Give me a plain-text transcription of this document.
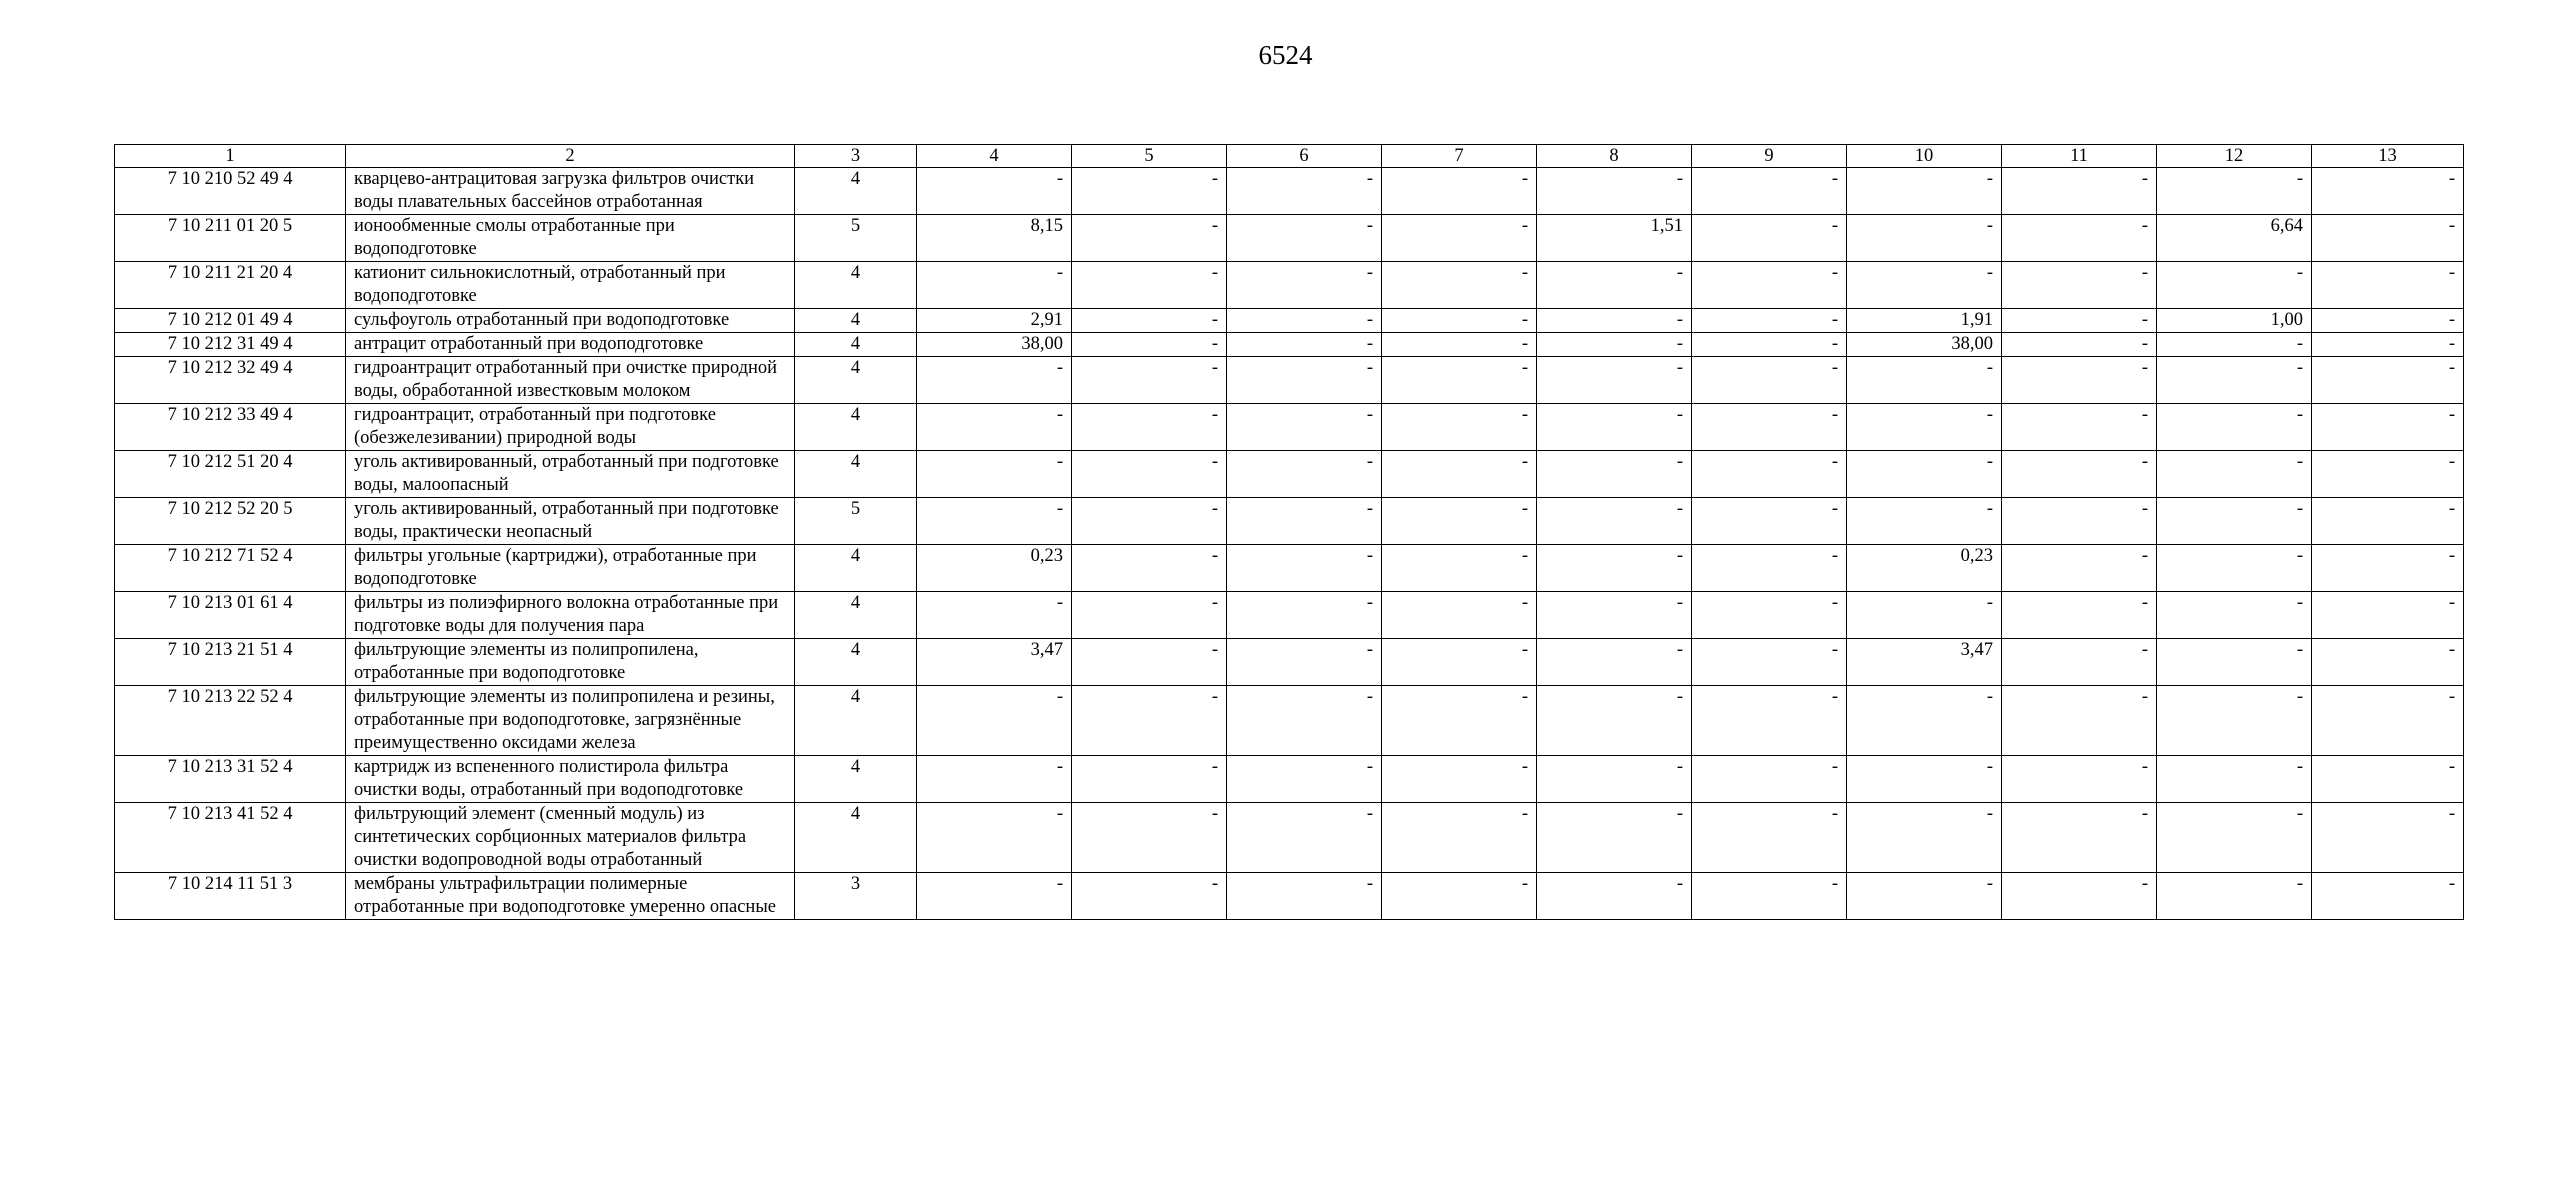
6524
1	2	3	4	5	6	7	8	9	10	11	12	13
7 10 210 52 49 4	кварцево-антрацитовая загрузка фильтров очистки воды плавательных бассейнов отработанная	4	-	-	-	-	-	-	-	-	-	-
7 10 211 01 20 5	ионообменные смолы отработанные при водоподготовке	5	8,15	-	-	-	1,51	-	-	-	6,64	-
7 10 211 21 20 4	катионит сильнокислотный, отработанный при водоподготовке	4	-	-	-	-	-	-	-	-	-	-
7 10 212 01 49 4	сульфоуголь отработанный при водоподготовке	4	2,91	-	-	-	-	-	1,91	-	1,00	-
7 10 212 31 49 4	антрацит отработанный при водоподготовке	4	38,00	-	-	-	-	-	38,00	-	-	-
7 10 212 32 49 4	гидроантрацит отработанный при очистке природной воды, обработанной известковым молоком	4	-	-	-	-	-	-	-	-	-	-
7 10 212 33 49 4	гидроантрацит, отработанный при подготовке (обезжелезивании) природной воды	4	-	-	-	-	-	-	-	-	-	-
7 10 212 51 20 4	уголь активированный, отработанный при подготовке воды, малоопасный	4	-	-	-	-	-	-	-	-	-	-
7 10 212 52 20 5	уголь активированный, отработанный при подготовке воды, практически неопасный	5	-	-	-	-	-	-	-	-	-	-
7 10 212 71 52 4	фильтры угольные (картриджи), отработанные при водоподготовке	4	0,23	-	-	-	-	-	0,23	-	-	-
7 10 213 01 61 4	фильтры из полиэфирного волокна отработанные при подготовке воды для получения пара	4	-	-	-	-	-	-	-	-	-	-
7 10 213 21 51 4	фильтрующие элементы из полипропилена, отработанные при водоподготовке	4	3,47	-	-	-	-	-	3,47	-	-	-
7 10 213 22 52 4	фильтрующие элементы из полипропилена и резины, отработанные при водоподготовке, загрязнённые преимущественно оксидами железа	4	-	-	-	-	-	-	-	-	-	-
7 10 213 31 52 4	картридж из вспененного полистирола фильтра очистки воды, отработанный при водоподготовке	4	-	-	-	-	-	-	-	-	-	-
7 10 213 41 52 4	фильтрующий элемент (сменный модуль) из синтетических сорбционных материалов фильтра очистки водопроводной воды отработанный	4	-	-	-	-	-	-	-	-	-	-
7 10 214 11 51 3	мембраны ультрафильтрации полимерные отработанные при водоподготовке умеренно опасные	3	-	-	-	-	-	-	-	-	-	-
